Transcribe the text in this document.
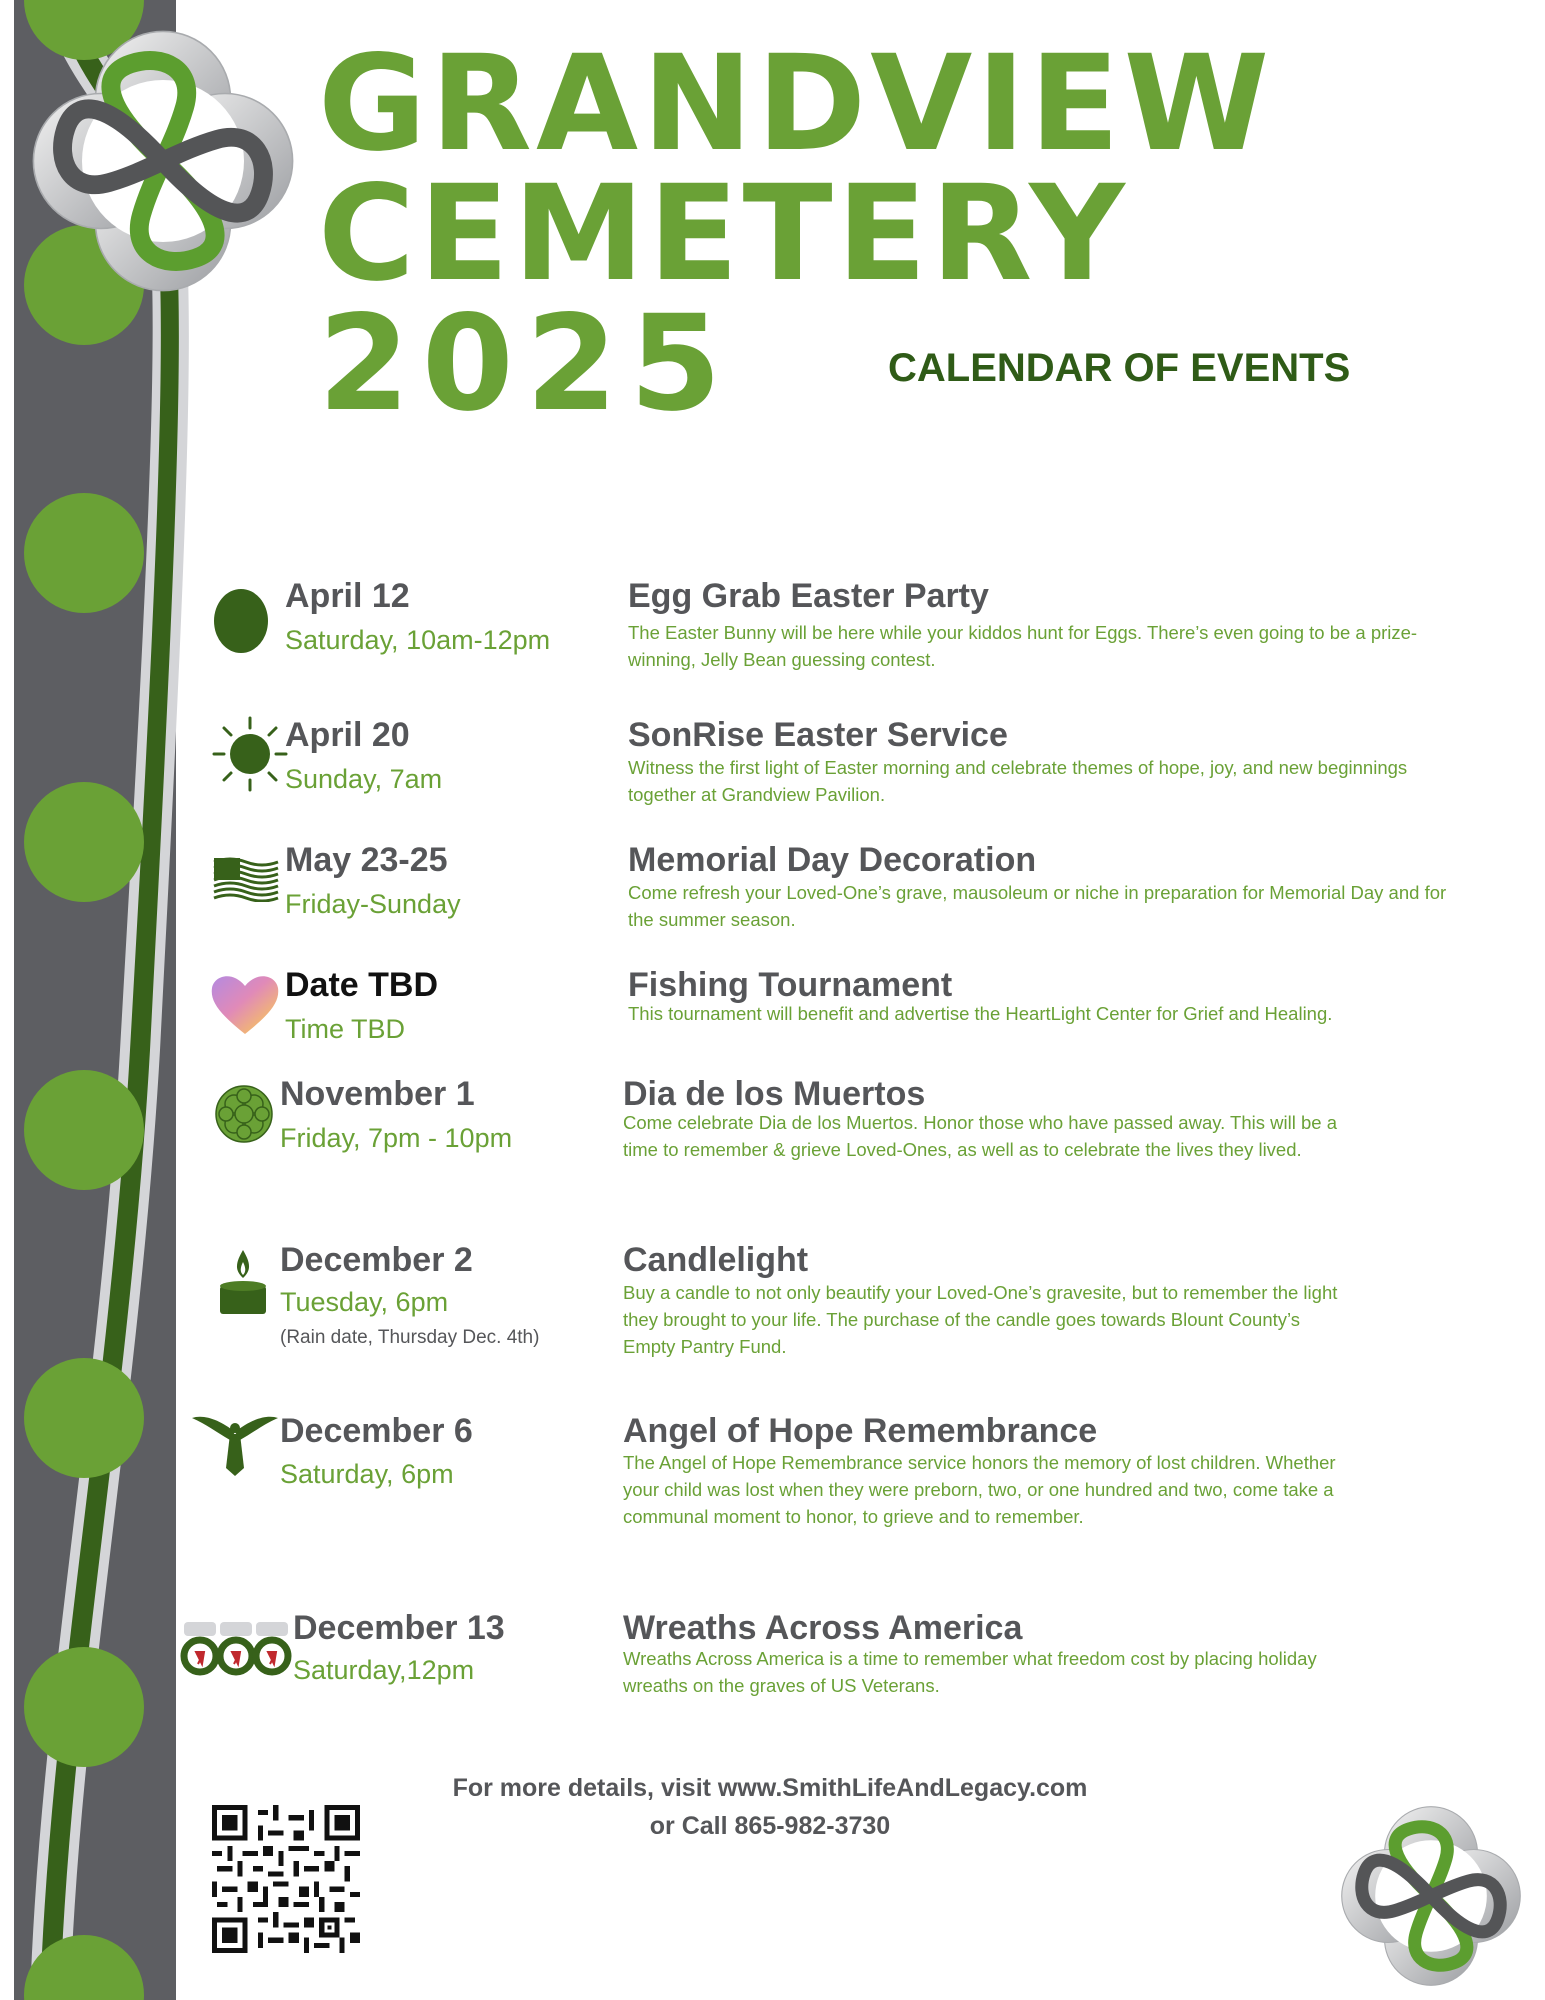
GRANDVIEW
CEMETERY
2025	CALENDAR OF EVENTS
April 12
Saturday, 10am-12pm
Egg Grab Easter Party

The Easter Bunny will be here while your kiddos hunt for Eggs. There’s even going to be a prize-winning, Jelly Bean guessing contest.

April 20
Sunday, 7am
SonRise Easter Service

Witness the first light of Easter morning and celebrate themes of hope, joy, and new beginnings together at Grandview Pavilion.

May 23-25
Friday-Sunday
Memorial Day Decoration

Come refresh your Loved-One’s grave, mausoleum or niche in preparation for Memorial Day and for the summer season.

Date TBD
Time TBD
Fishing Tournament

This tournament will benefit and advertise the HeartLight Center for Grief and Healing.

November 1
Friday, 7pm - 10pm
Dia de los Muertos

Come celebrate Dia de los Muertos. Honor those who have passed away. This will be a time to remember & grieve Loved-Ones, as well as to celebrate the lives they lived.

December 2
Tuesday, 6pm
(Rain date, Thursday Dec. 4th)
Candlelight

Buy a candle to not only beautify your Loved-One’s gravesite, but to remember the light they brought to your life. The purchase of the candle goes towards Blount County’s Empty Pantry Fund.

December 6
Saturday, 6pm
Angel of Hope Remembrance

The Angel of Hope Remembrance service honors the memory of lost children. Whether your child was lost when they were preborn, two, or one hundred and two, come take a communal moment to honor, to grieve and to remember.

December 13
Saturday,12pm
Wreaths Across America

Wreaths Across America is a time to remember what freedom cost by placing holiday wreaths on the graves of US Veterans.

For more details, visit www.SmithLifeAndLegacy.com
or Call 865-982-3730
